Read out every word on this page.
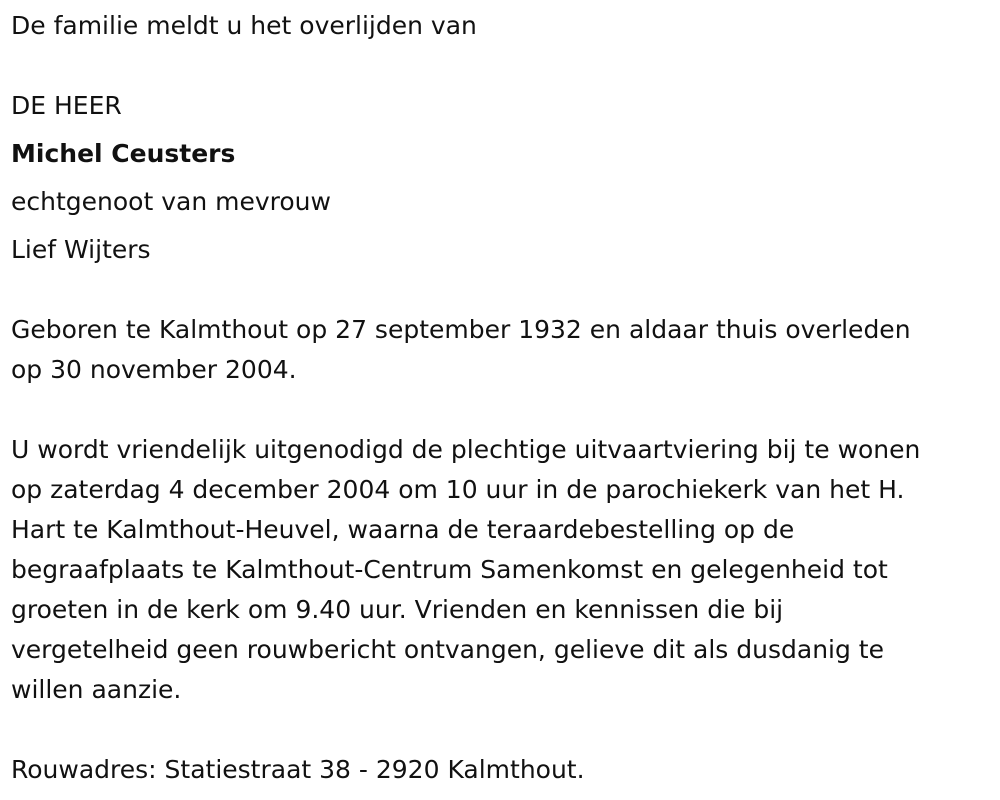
De familie meldt u het overlijden van
DE HEER
Michel Ceusters
echtgenoot van mevrouw
Lief Wijters
Geboren te Kalmthout op 27 september 1932 en aldaar thuis overleden
op 30 november 2004.
U wordt vriendelijk uitgenodigd de plechtige uitvaartviering bij te wonen
op zaterdag 4 december 2004 om 10 uur in de parochiekerk van het H.
Hart te Kalmthout-Heuvel, waarna de teraardebestelling op de
begraafplaats te Kalmthout-Centrum Samenkomst en gelegenheid tot
groeten in de kerk om 9.40 uur. Vrienden en kennissen die bij
vergetelheid geen rouwbericht ontvangen, gelieve dit als dusdanig te
willen aanzie.
Rouwadres: Statiestraat 38 - 2920 Kalmthout.
